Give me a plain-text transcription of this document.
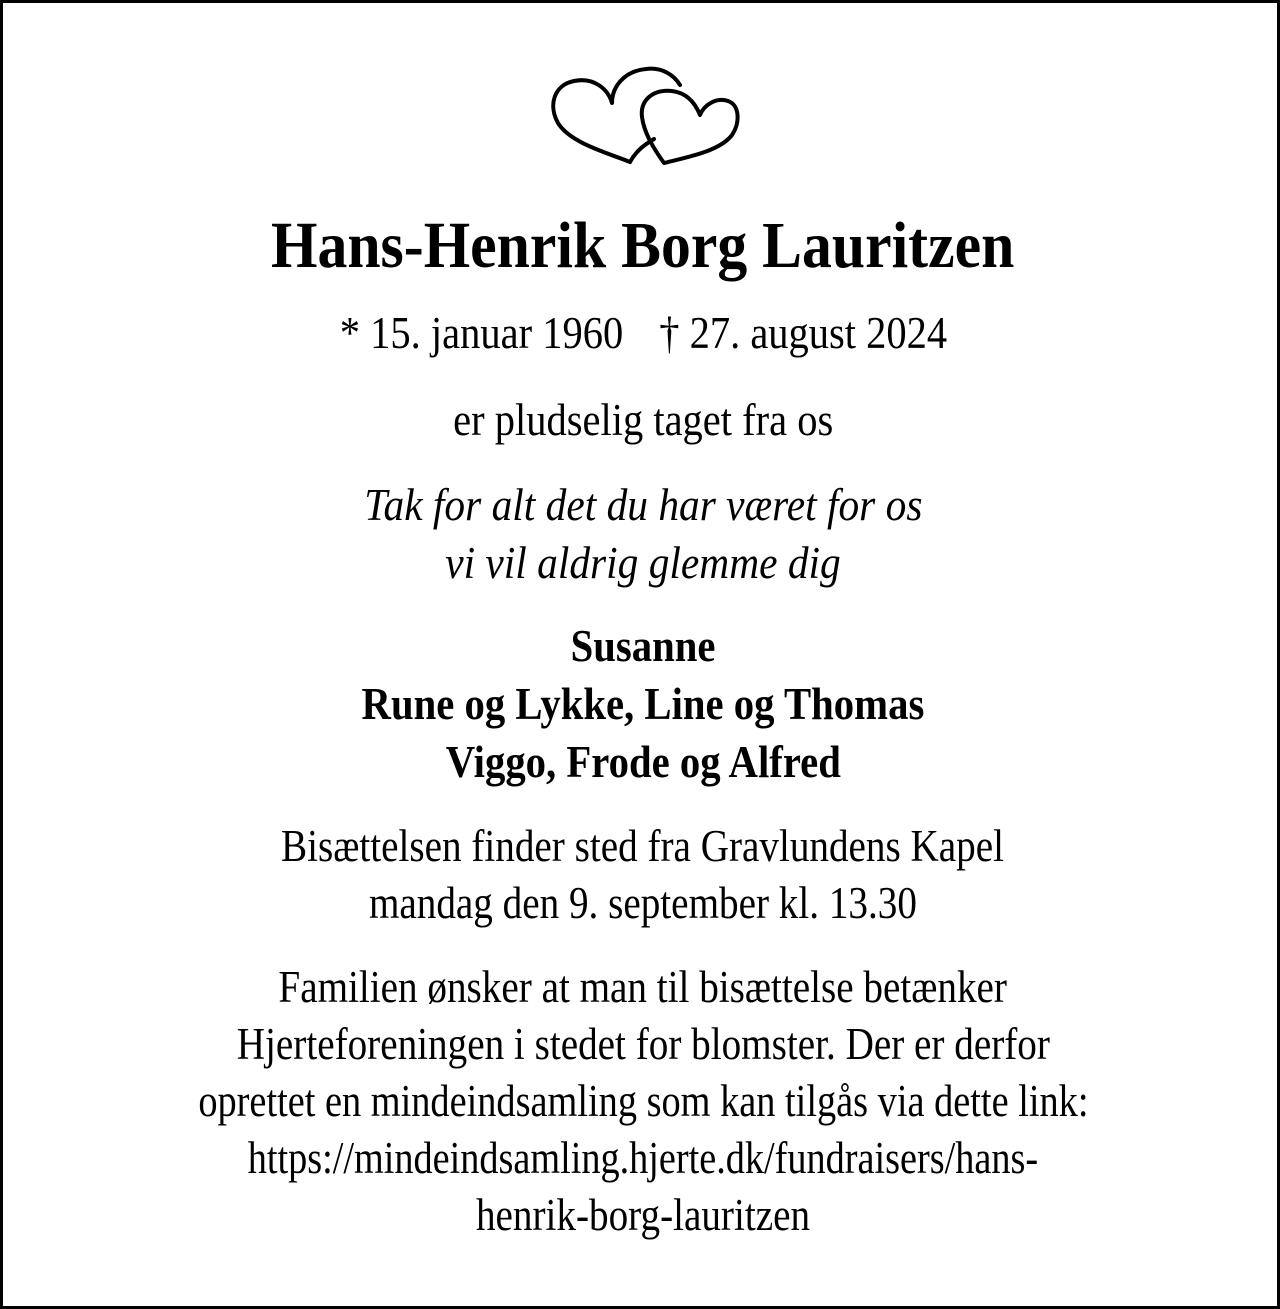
Hans-Henrik Borg Lauritzen
* 15. januar 1960 † 27. august 2024
er pludselig taget fra os
Tak for alt det du har været for os
vi vil aldrig glemme dig
Susanne
Rune og Lykke, Line og Thomas
Viggo, Frode og Alfred
Bisættelsen finder sted fra Gravlundens Kapel
mandag den 9. september kl. 13.30
Familien ønsker at man til bisættelse betænker
Hjerteforeningen i stedet for blomster. Der er derfor
oprettet en mindeindsamling som kan tilgås via dette link:
https://mindeindsamling.hjerte.dk/fundraisers/hans-
henrik-borg-lauritzen
